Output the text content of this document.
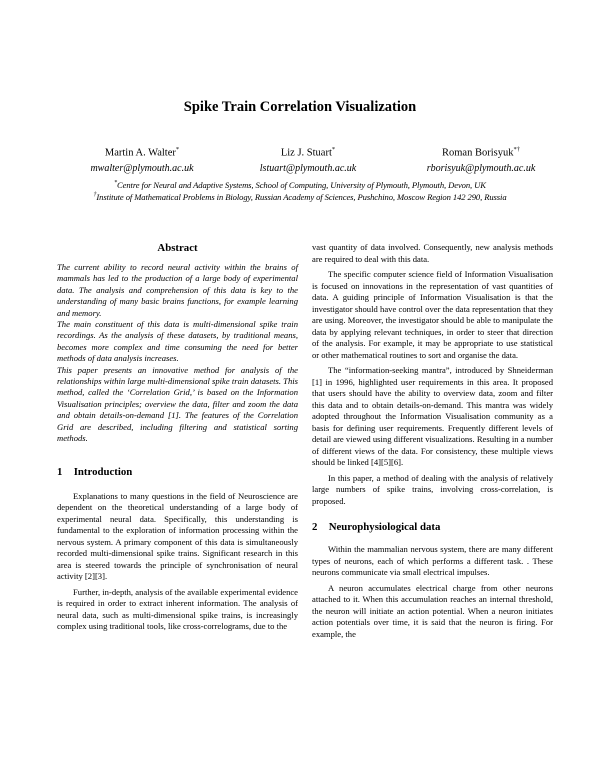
Spike Train Correlation Visualization
Martin A. Walter*
mwalter@plymouth.ac.uk
Liz J. Stuart*
lstuart@plymouth.ac.uk
Roman Borisyuk*†
rborisyuk@plymouth.ac.uk
*Centre for Neural and Adaptive Systems, School of Computing, University of Plymouth, Plymouth, Devon, UK
†Institute of Mathematical Problems in Biology, Russian Academy of Sciences, Pushchino, Moscow Region 142 290, Russia
Abstract

The current ability to record neural activity within the brains of mammals has led to the production of a large body of experimental data. The analysis and comprehension of this data is key to the understanding of many basic brains functions, for example learning and memory.

The main constituent of this data is multi-dimensional spike train recordings. As the analysis of these datasets, by traditional means, becomes more complex and time consuming the need for better methods of data analysis increases.

This paper presents an innovative method for analysis of the relationships within large multi-dimensional spike train datasets. This method, called the ‘Correlation Grid,’ is based on the Information Visualisation principles; overview the data, filter and zoom the data and obtain details-on-demand [1]. The features of the Correlation Grid are described, including filtering and statistical sorting methods.

1 Introduction

Explanations to many questions in the field of Neuroscience are dependent on the theoretical understanding of a large body of experimental neural data. Specifically, this understanding is fundamental to the exploration of information processing within the nervous system. A primary component of this data is simultaneously recorded multi-dimensional spike trains. Significant research in this area is steered towards the principle of synchronisation of neural activity [2][3].

Further, in-depth, analysis of the available experimental evidence is required in order to extract inherent information. The analysis of neural data, such as multi-dimensional spike trains, is increasingly complex using traditional tools, like cross-correlograms, due to the

vast quantity of data involved. Consequently, new analysis methods are required to deal with this data.

The specific computer science field of Information Visualisation is focused on innovations in the representation of vast quantities of data. A guiding principle of Information Visualisation is that the investigator should have control over the data representation that they are using. Moreover, the investigator should be able to manipulate the data by applying relevant techniques, in order to steer that direction of the analysis. For example, it may be appropriate to use statistical or other mathematical routines to sort and organise the data.

The “information-seeking mantra”, introduced by Shneiderman [1] in 1996, highlighted user requirements in this area. It proposed that users should have the ability to overview data, zoom and filter this data and to obtain details-on-demand. This mantra was widely adopted throughout the Information Visualisation community as a basis for defining user requirements. Frequently different levels of detail are viewed using different visualizations. Resulting in a number of different views of the data. For consistency, these multiple views should be linked [4][5][6].

In this paper, a method of dealing with the analysis of relatively large numbers of spike trains, involving cross-correlation, is proposed.

2 Neurophysiological data

Within the mammalian nervous system, there are many different types of neurons, each of which performs a different task. . These neurons communicate via small electrical impulses.

A neuron accumulates electrical charge from other neurons attached to it. When this accumulation reaches an internal threshold, the neuron will initiate an action potential. When a neuron initiates action potentials over time, it is said that the neuron is firing. For example, the
